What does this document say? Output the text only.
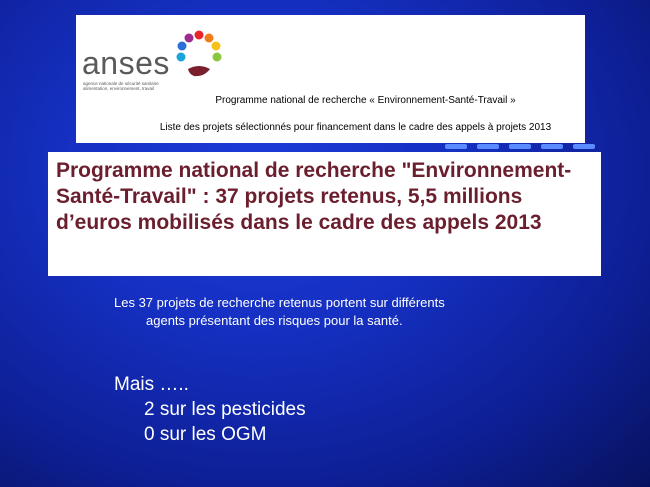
anses
agence nationale de sécurité sanitaire
alimentation, environnement, travail
Programme national de recherche « Environnement-Santé-Travail »
Liste des projets sélectionnés pour financement dans le cadre des appels à projets 2013

Programme national de recherche "Environnement-Santé-Travail" : 37 projets retenus, 5,5 millions d’euros mobilisés dans le cadre des appels 2013

Les 37 projets de recherche retenus portent sur différents
agents présentant des risques pour la santé.
Mais …..
2 sur les pesticides
0 sur les OGM
